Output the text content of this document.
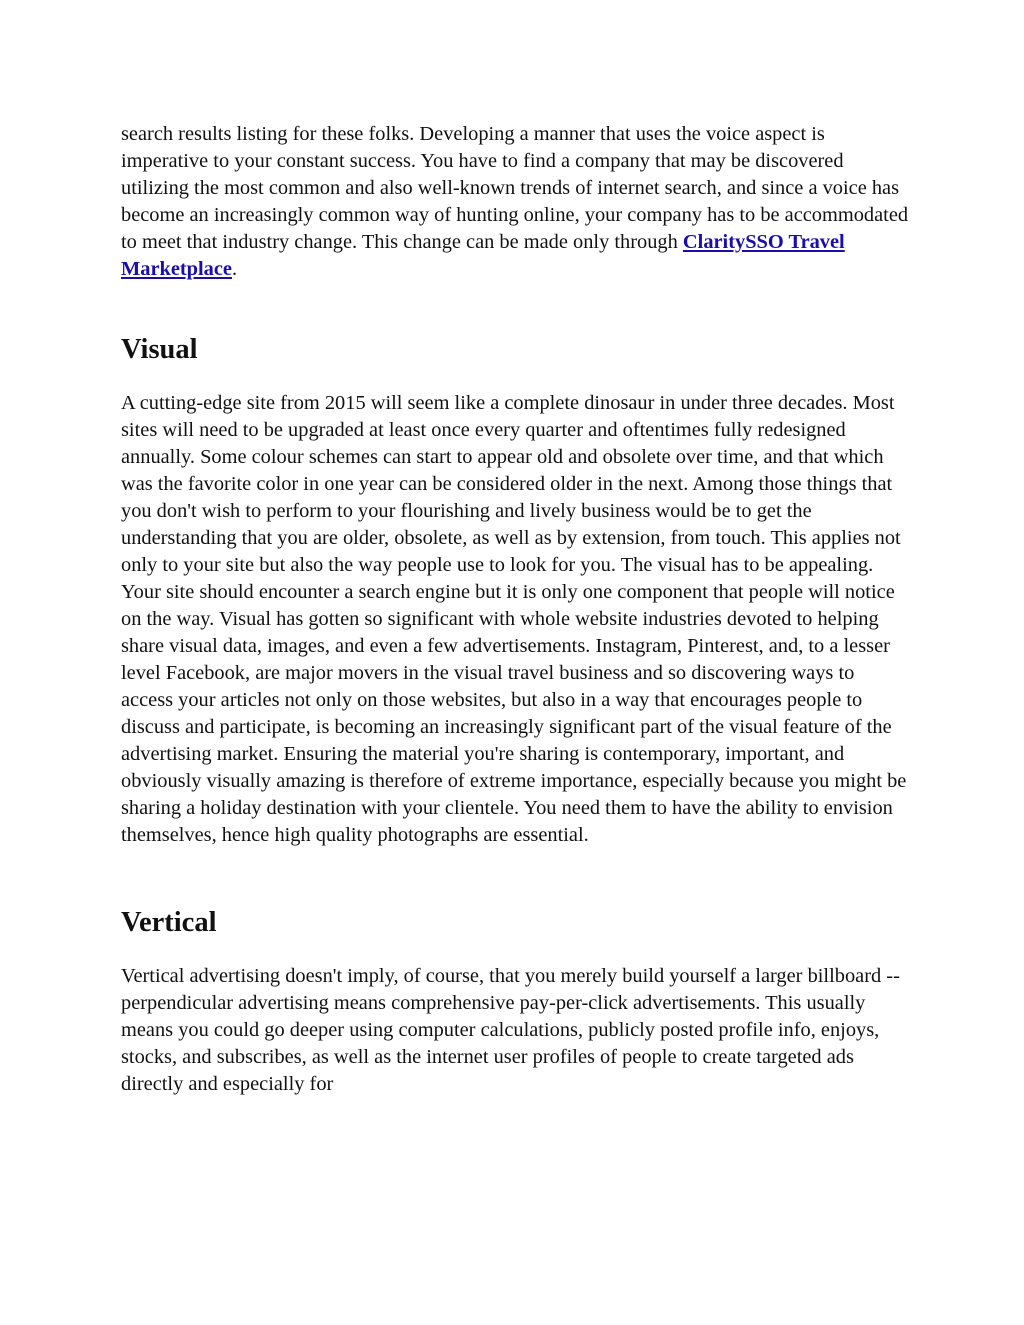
search results listing for these folks. Developing a manner that uses the voice aspect is imperative to your constant success. You have to find a company that may be discovered utilizing the most common and also well-known trends of internet search, and since a voice has become an increasingly common way of hunting online, your company has to be accommodated to meet that industry change. This change can be made only through ClaritySSO Travel Marketplace.

Visual

A cutting-edge site from 2015 will seem like a complete dinosaur in under three decades. Most sites will need to be upgraded at least once every quarter and oftentimes fully redesigned annually. Some colour schemes can start to appear old and obsolete over time, and that which was the favorite color in one year can be considered older in the next. Among those things that you don't wish to perform to your flourishing and lively business would be to get the understanding that you are older, obsolete, as well as by extension, from touch. This applies not only to your site but also the way people use to look for you. The visual has to be appealing. Your site should encounter a search engine but it is only one component that people will notice on the way. Visual has gotten so significant with whole website industries devoted to helping share visual data, images, and even a few advertisements. Instagram, Pinterest, and, to a lesser level Facebook, are major movers in the visual travel business and so discovering ways to access your articles not only on those websites, but also in a way that encourages people to discuss and participate, is becoming an increasingly significant part of the visual feature of the advertising market. Ensuring the material you're sharing is contemporary, important, and obviously visually amazing is therefore of extreme importance, especially because you might be sharing a holiday destination with your clientele. You need them to have the ability to envision themselves, hence high quality photographs are essential.

Vertical

Vertical advertising doesn't imply, of course, that you merely build yourself a larger billboard -- perpendicular advertising means comprehensive pay-per-click advertisements. This usually means you could go deeper using computer calculations, publicly posted profile info, enjoys, stocks, and subscribes, as well as the internet user profiles of people to create targeted ads directly and especially for
